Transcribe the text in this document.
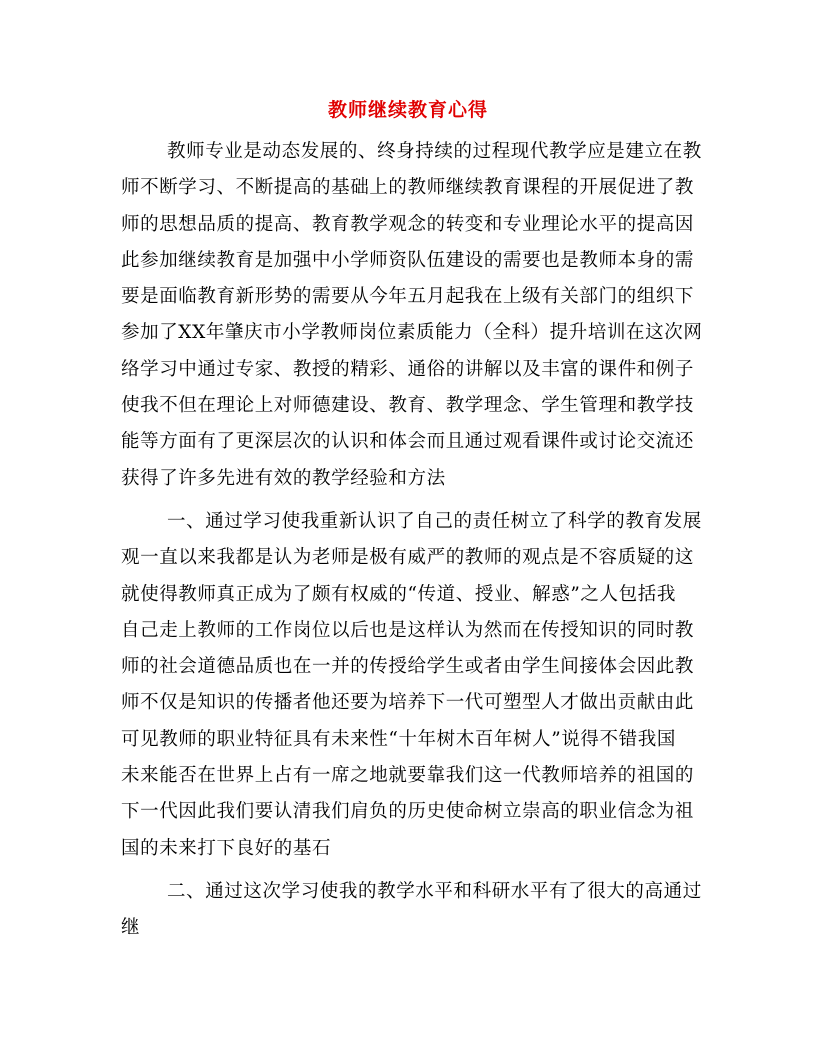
教师继续教育心得

教师专业是动态发展的、终身持续的过程现代教学应是建立在教
师不断学习、不断提高的基础上的教师继续教育课程的开展促进了教
师的思想品质的提高、教育教学观念的转变和专业理论水平的提高因
此参加继续教育是加强中小学师资队伍建设的需要也是教师本身的需
要是面临教育新形势的需要从今年五月起我在上级有关部门的组织下
参加了XX年肇庆市小学教师岗位素质能力（全科）提升培训在这次网
络学习中通过专家、教授的精彩、通俗的讲解以及丰富的课件和例子
使我不但在理论上对师德建设、教育、教学理念、学生管理和教学技
能等方面有了更深层次的认识和体会而且通过观看课件或讨论交流还
获得了许多先进有效的教学经验和方法

一、通过学习使我重新认识了自己的责任树立了科学的教育发展
观一直以来我都是认为老师是极有威严的教师的观点是不容质疑的这
就使得教师真正成为了颇有权威的“传道、授业、解惑”之人包括我
自己走上教师的工作岗位以后也是这样认为然而在传授知识的同时教
师的社会道德品质也在一并的传授给学生或者由学生间接体会因此教
师不仅是知识的传播者他还要为培养下一代可塑型人才做出贡献由此
可见教师的职业特征具有未来性“十年树木百年树人”说得不错我国
未来能否在世界上占有一席之地就要靠我们这一代教师培养的祖国的
下一代因此我们要认清我们肩负的历史使命树立崇高的职业信念为祖
国的未来打下良好的基石

二、通过这次学习使我的教学水平和科研水平有了很大的高通过
继
